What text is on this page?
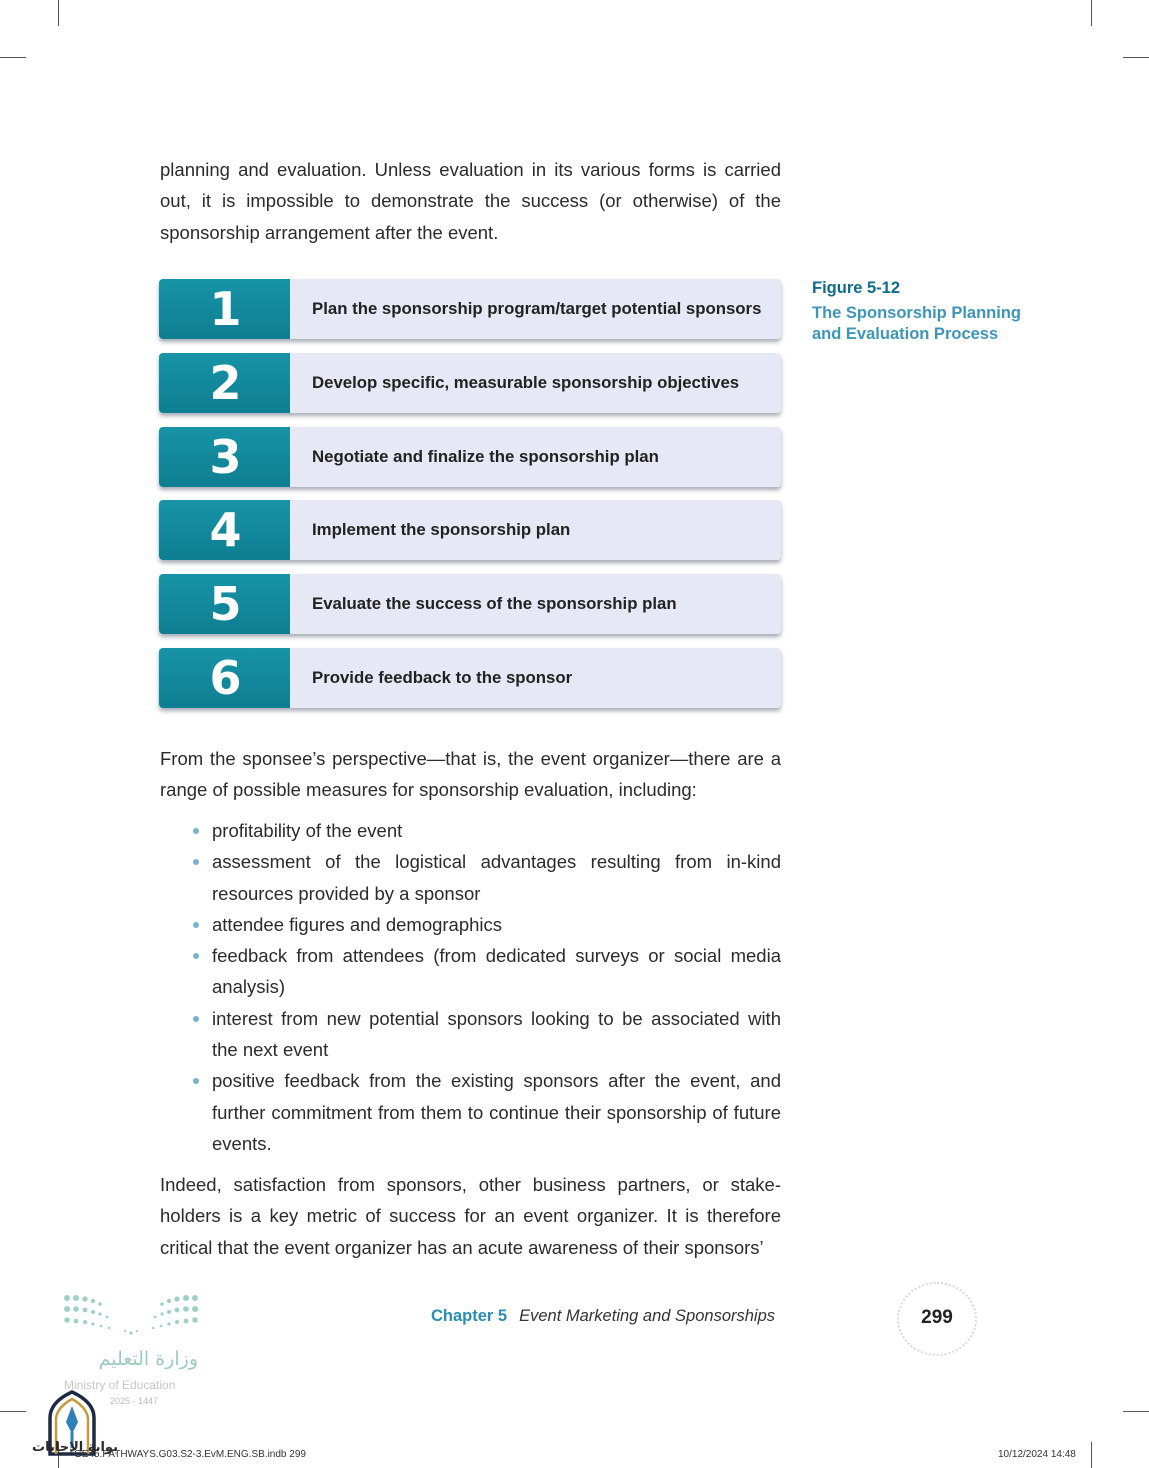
planning and evaluation. Unless evaluation in its various forms is carried out, it is impossible to demonstrate the success (or otherwise) of the sponsorship arrangement after the event.

1	Plan the sponsorship program/target potential sponsors
2	Develop specific, measurable sponsorship objectives
3	Negotiate and finalize the sponsorship plan
4	Implement the sponsorship plan
5	Evaluate the success of the sponsorship plan
6	Provide feedback to the sponsor
Figure 5-12
The Sponsorship Planning and Evaluation Process

From the sponsee’s perspective—that is, the event organizer—there are a range of possible measures for sponsorship evaluation, including:

profitability of the event
assessment of the logistical advantages resulting from in-kind resources provided by a sponsor
attendee figures and demographics
feedback from attendees (from dedicated surveys or social media analysis)
interest from new potential sponsors looking to be associated with the next event
positive feedback from the existing sponsors after the event, and further commitment from them to continue their sponsorship of future events.

Indeed, satisfaction from sponsors, other business partners, or stake-holders is a key metric of success for an event organizer. It is therefore critical that the event organizer has an acute awareness of their sponsors’

وزارة التعليم
Ministry of Education
2025 - 1447
Chapter 5 Event Marketing and Sponsorships	299
بوابة الإجابات
GE45.PATHWAYS.G03.S2-3.EvM.ENG.SB.indb 299	10/12/2024 14:48
